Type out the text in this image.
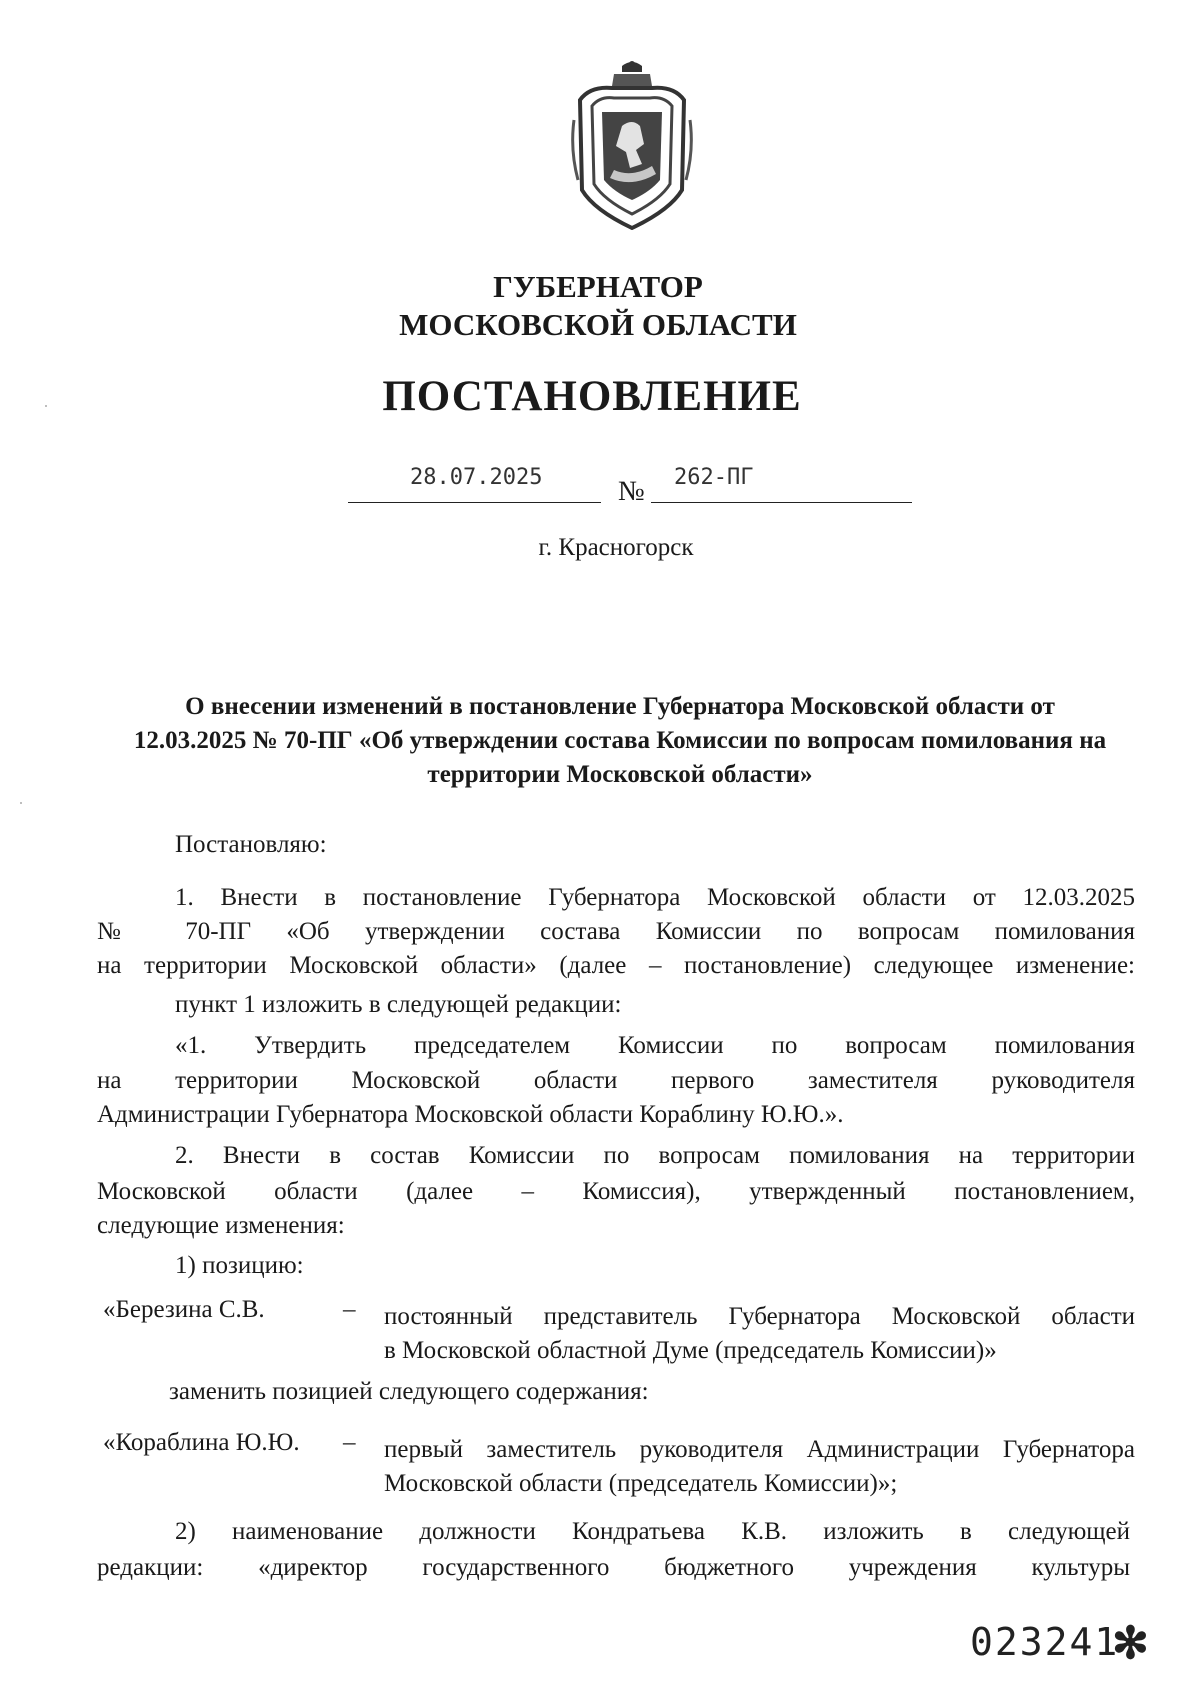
ГУБЕРНАТОР
МОСКОВСКОЙ ОБЛАСТИ
ПОСТАНОВЛЕНИЕ
28.07.2025	№ 262-ПГ
г. Красногорск
О внесении изменений в постановление Губернатора Московской области от 12.03.2025 № 70-ПГ «Об утверждении состава Комиссии по вопросам помилования на территории Московской области»
Постановляю:
1. Внести в постановление Губернатора Московской области от 12.03.2025
№ 70-ПГ «Об утверждении состава Комиссии по вопросам помилования
на территории Московской области» (далее – постановление) следующее изменение:
пункт 1 изложить в следующей редакции:
«1. Утвердить председателем Комиссии по вопросам помилования
на территории Московской области первого заместителя руководителя
Администрации Губернатора Московской области Кораблину Ю.Ю.».
2. Внести в состав Комиссии по вопросам помилования на территории
Московской области (далее – Комиссия), утвержденный постановлением,
следующие изменения:
1) позицию:
«Березина С.В.	– постоянный представитель Губернатора Московской области
в Московской областной Думе (председатель Комиссии)»
заменить позицией следующего содержания:
«Кораблина Ю.Ю. – первый заместитель руководителя Администрации Губернатора
Московской области (председатель Комиссии)»;
2) наименование должности Кондратьева К.В. изложить в следующей
редакции: «директор государственного бюджетного учреждения культуры
023241
✻
